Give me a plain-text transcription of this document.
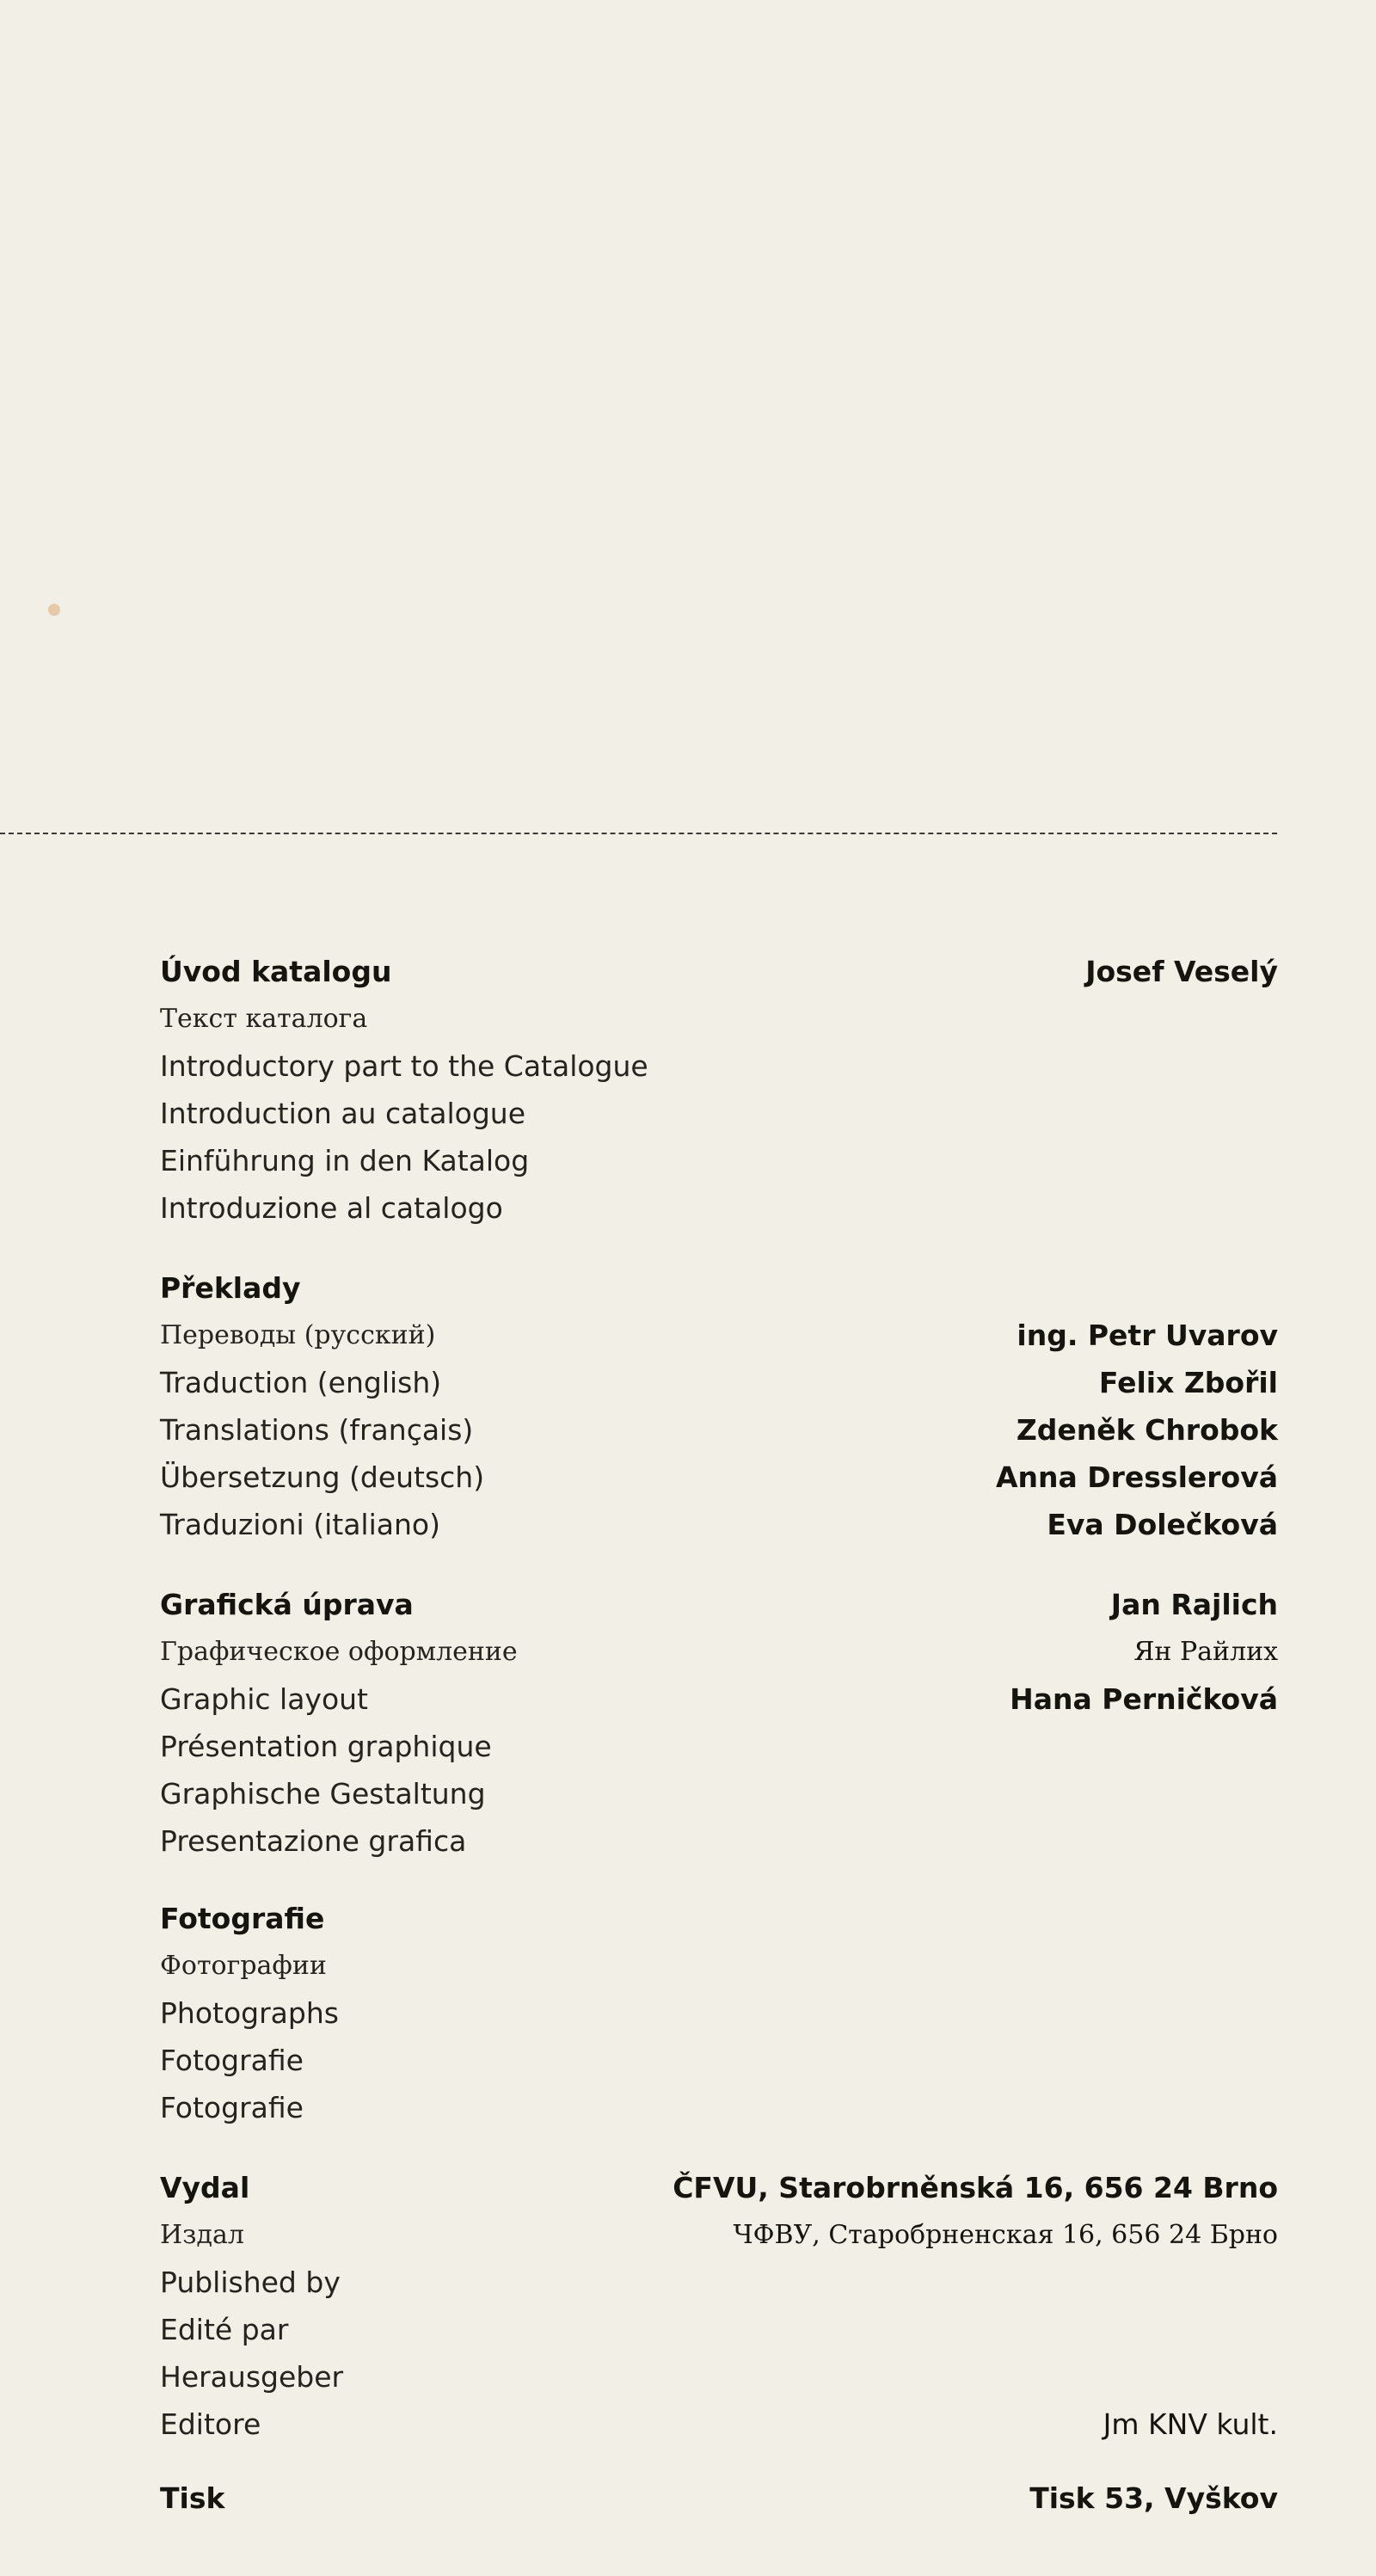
Úvod katalogu	Josef Veselý
Текст каталога
Introductory part to the Catalogue
Introduction au catalogue
Einführung in den Katalog
Introduzione al catalogo
Překlady
Переводы (русский)	ing. Petr Uvarov
Traduction (english)	Felix Zbořil
Translations (français)	Zdeněk Chrobok
Übersetzung (deutsch)	Anna Dresslerová
Traduzioni (italiano)	Eva Dolečková
Grafická úprava	Jan Rajlich
Графическое оформление	Ян Райлих
Graphic layout	Hana Perničková
Présentation graphique
Graphische Gestaltung
Presentazione grafica
Fotografie
Фотографии
Photographs
Fotografie
Fotografie
Vydal	ČFVU, Starobrněnská 16, 656 24 Brno
Издал	ЧФВУ, Старобрненская 16, 656 24 Брно
Published by
Edité par
Herausgeber
Editore	Jm KNV kult.
Tisk	Tisk 53, Vyškov
